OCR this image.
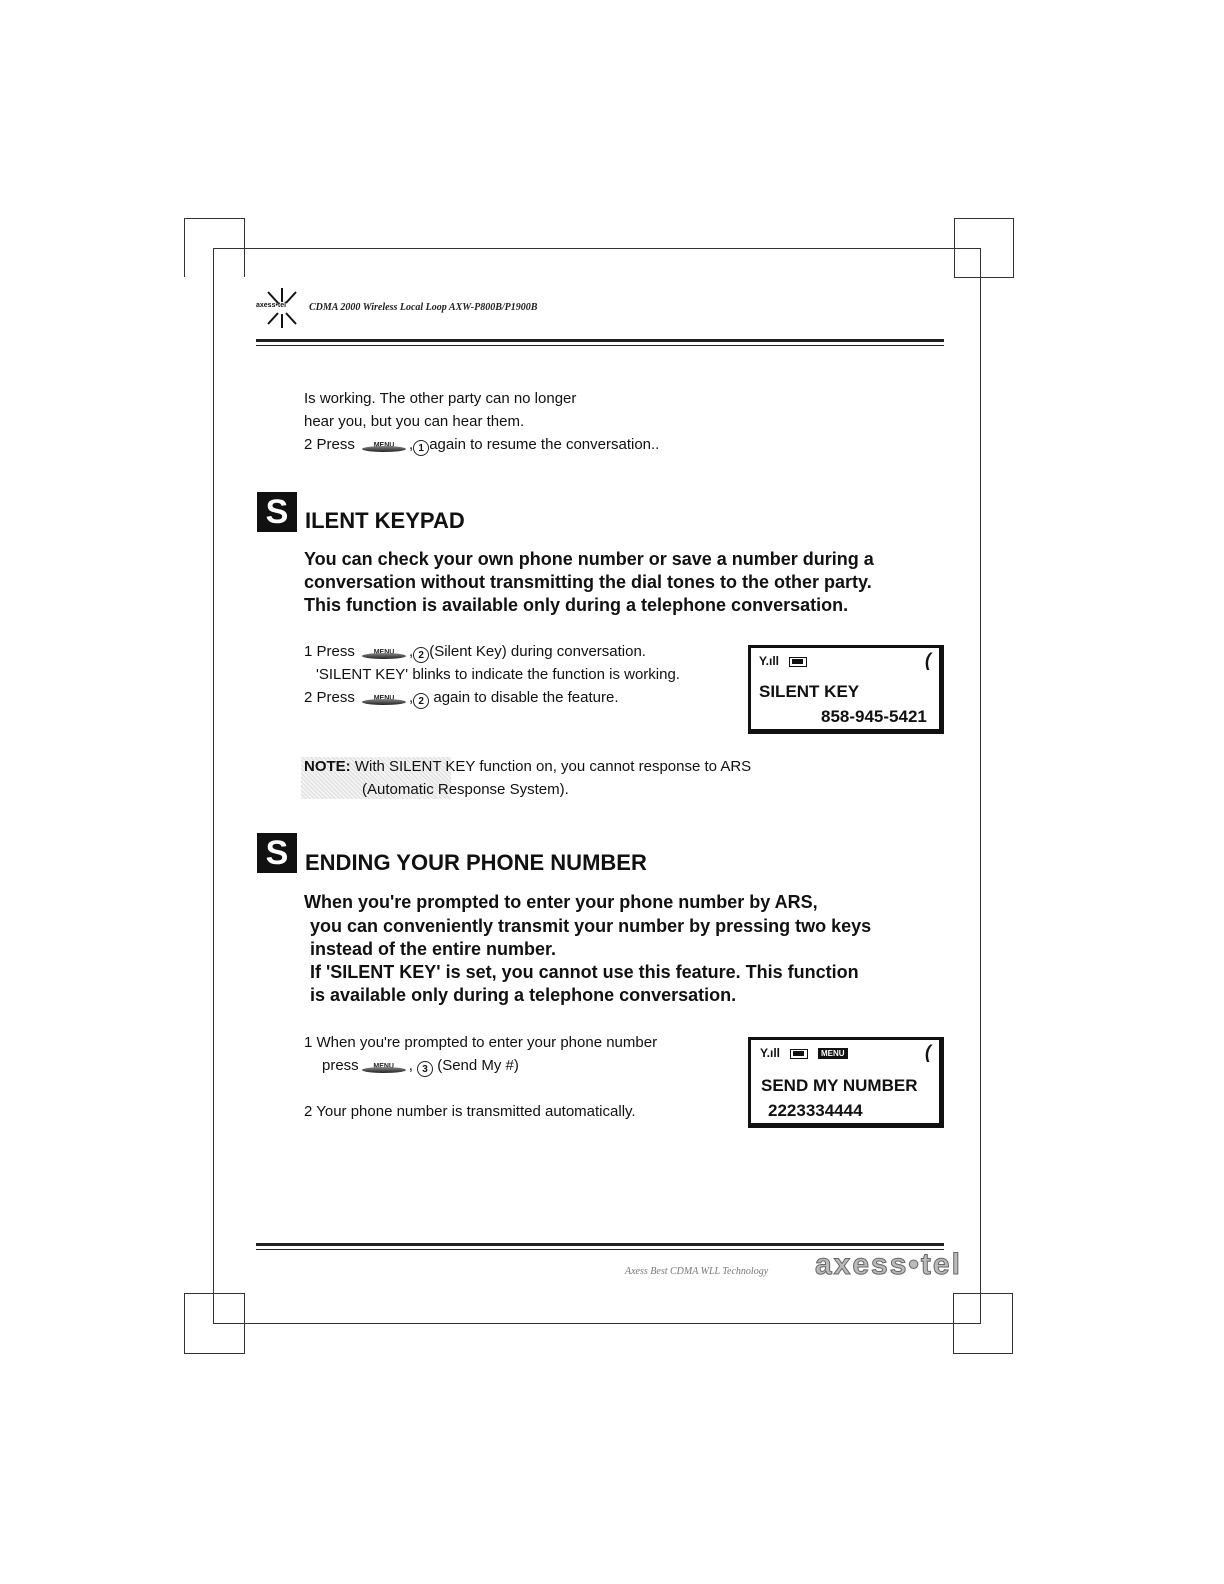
axess•tel CDMA 2000 Wireless Local Loop AXW-P800B/P1900B
Is working. The other party can no longer
hear you, but you can hear them.
2 Press	, 1 again to resume the conversation..
S ILENT KEYPAD
You can check your own phone number or save a number during a
conversation without transmitting the dial tones to the other party.
This function is available only during a telephone conversation.
1 Press	, 2 (Silent Key) during conversation.
'SILENT KEY' blinks to indicate the function is working.
2 Press	, 2 again to disable the feature.
Y.ıll	(
SILENT KEY
858-945-5421
NOTE: With SILENT KEY function on, you cannot response to ARS
(Automatic Response System).
S ENDING YOUR PHONE NUMBER
When you're prompted to enter your phone number by ARS,
you can conveniently transmit your number by pressing two keys
instead of the entire number.
If 'SILENT KEY' is set, you cannot use this feature. This function
is available only during a telephone conversation.
1 When you're prompted to enter your phone number
press	, 3 (Send My #)
2 Your phone number is transmitted automatically.
Y.ıll	MENU	(
SEND MY NUMBER
2223334444
Axess Best CDMA WLL Technology axess•tel
